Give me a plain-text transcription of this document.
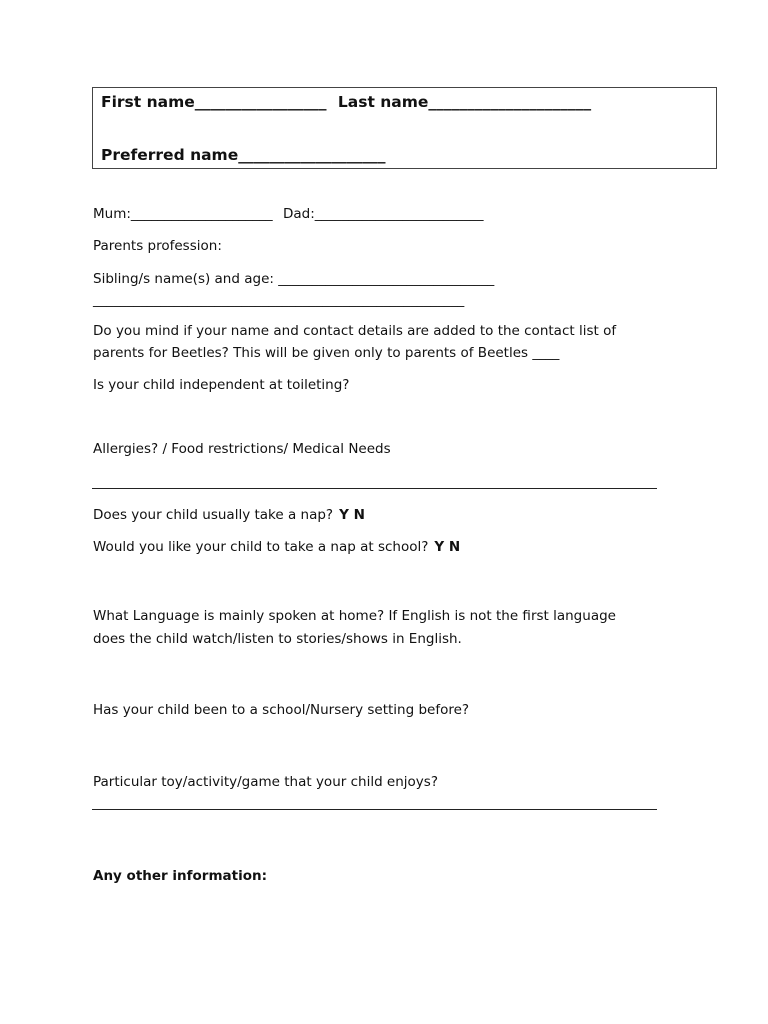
First name_________________ Last name_____________________
Preferred name___________________
Mum:_____________________ Dad:_________________________
Parents profession:
Sibling/s name(s) and age: ________________________________
_______________________________________________________
Do you mind if your name and contact details are added to the contact list of
parents for Beetles? This will be given only to parents of Beetles ____
Is your child independent at toileting?
Allergies? / Food restrictions/ Medical Needs
Does your child usually take a nap? Y N
Would you like your child to take a nap at school? Y N
What Language is mainly spoken at home? If English is not the first language
does the child watch/listen to stories/shows in English.
Has your child been to a school/Nursery setting before?
Particular toy/activity/game that your child enjoys?
Any other information:
